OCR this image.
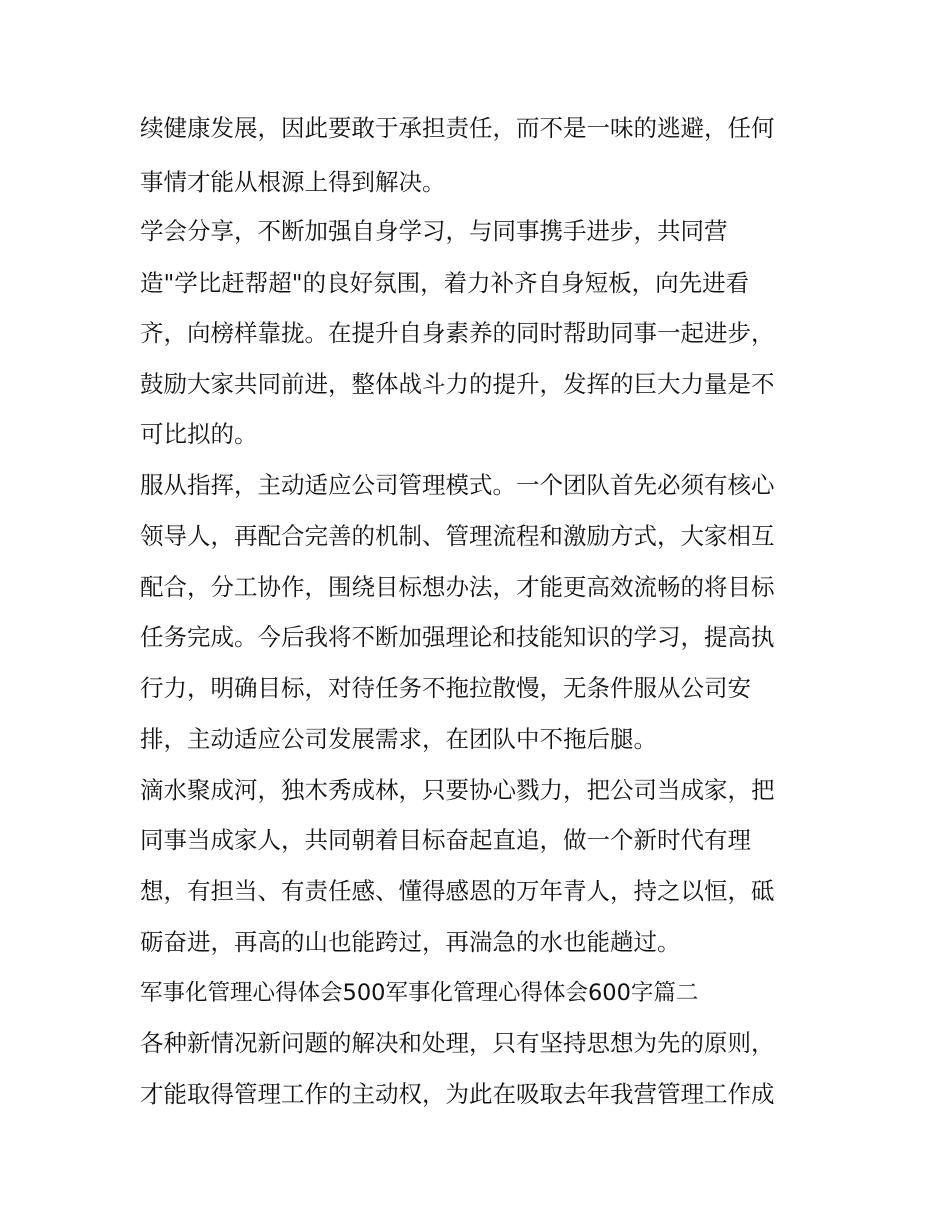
续健康发展，因此要敢于承担责任，而不是一味的逃避，任何
事情才能从根源上得到解决。
学会分享，不断加强自身学习，与同事携手进步，共同营
造"学比赶帮超"的良好氛围，着力补齐自身短板，向先进看
齐，向榜样靠拢。在提升自身素养的同时帮助同事一起进步，
鼓励大家共同前进，整体战斗力的提升，发挥的巨大力量是不
可比拟的。
服从指挥，主动适应公司管理模式。一个团队首先必须有核心
领导人，再配合完善的机制、管理流程和激励方式，大家相互
配合，分工协作，围绕目标想办法，才能更高效流畅的将目标
任务完成。今后我将不断加强理论和技能知识的学习，提高执
行力，明确目标，对待任务不拖拉散慢，无条件服从公司安
排，主动适应公司发展需求，在团队中不拖后腿。
滴水聚成河，独木秀成林，只要协心戮力，把公司当成家，把
同事当成家人，共同朝着目标奋起直追，做一个新时代有理
想，有担当、有责任感、懂得感恩的万年青人，持之以恒，砥
砺奋进，再高的山也能跨过，再湍急的水也能趟过。
军事化管理心得体会500军事化管理心得体会600字篇二
各种新情况新问题的解决和处理，只有坚持思想为先的原则，
才能取得管理工作的主动权，为此在吸取去年我营管理工作成
